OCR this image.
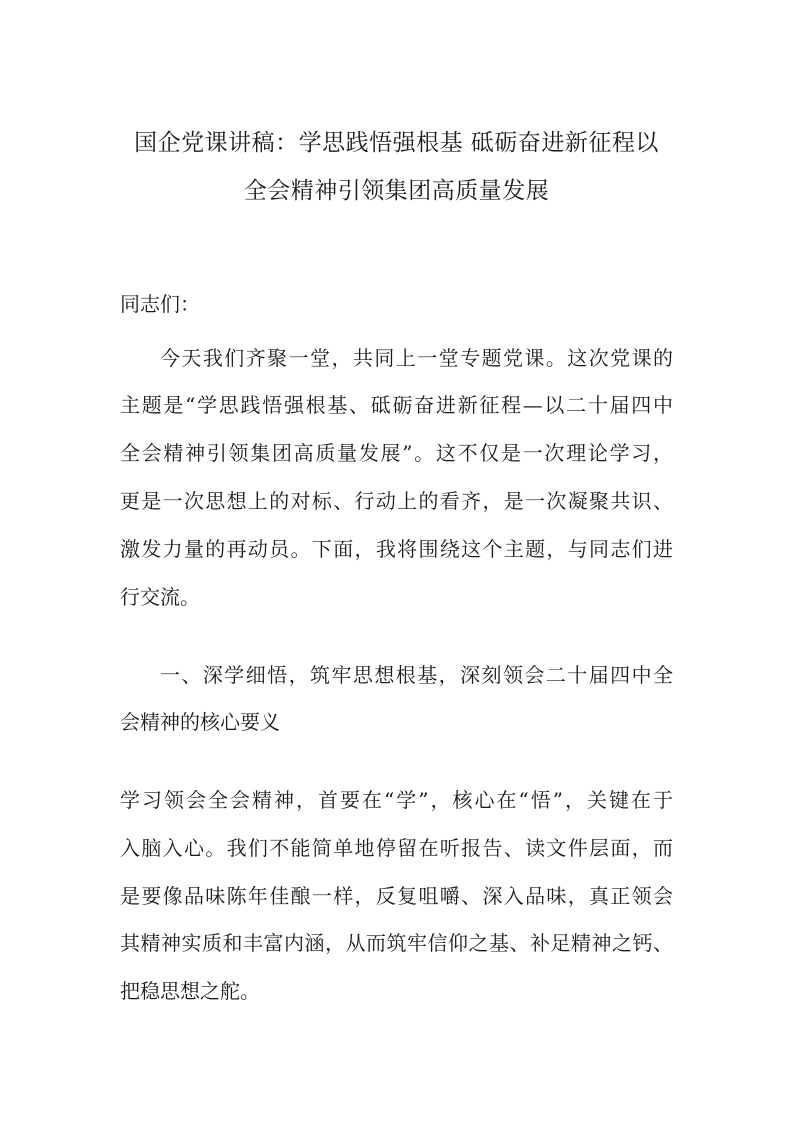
国企党课讲稿：学思践悟强根基 砥砺奋进新征程以
全会精神引领集团高质量发展
同志们：
今天我们齐聚一堂，共同上一堂专题党课。这次党课的
主题是“学思践悟强根基、砥砺奋进新征程—以二十届四中
全会精神引领集团高质量发展”。这不仅是一次理论学习，
更是一次思想上的对标、行动上的看齐，是一次凝聚共识、
激发力量的再动员。下面，我将围绕这个主题，与同志们进
行交流。
一、深学细悟，筑牢思想根基，深刻领会二十届四中全
会精神的核心要义
学习领会全会精神，首要在“学”，核心在“悟”，关键在于
入脑入心。我们不能简单地停留在听报告、读文件层面，而
是要像品味陈年佳酿一样，反复咀嚼、深入品味，真正领会
其精神实质和丰富内涵，从而筑牢信仰之基、补足精神之钙、
把稳思想之舵。
